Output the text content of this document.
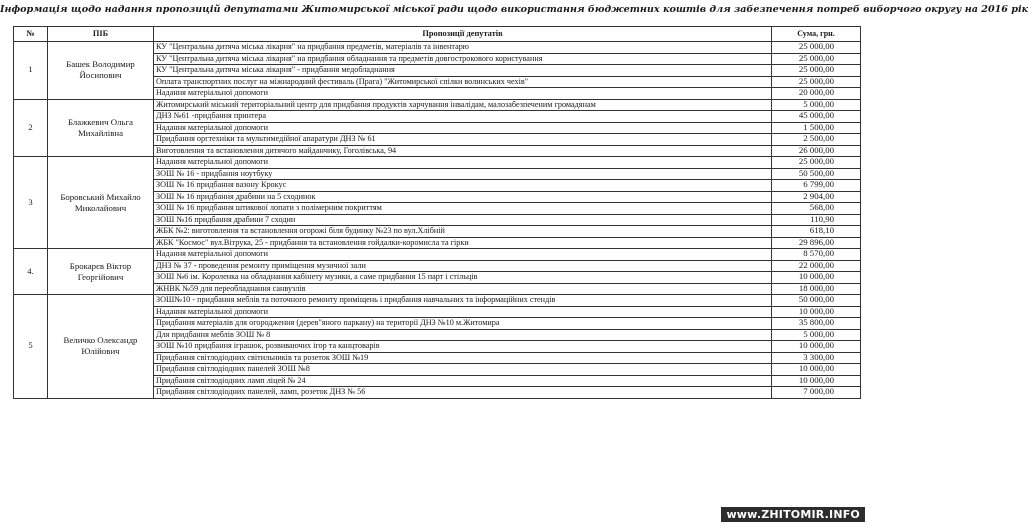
Інформація щодо надання пропозицій депутатами Житомирської міської ради щодо використання бюджетних коштів для забезпечення потреб виборчого округу на 2016 рік
№	ПІБ	Пропозиції депутатів	Сума, грн.
1	Башек Володимир Йосипович	КУ "Центральна дитяча міська лікарня" на придбання предметів, матеріалів та інвентарю	25 000,00
		КУ "Центральна дитяча міська лікарня" на придбання обладнання та предметів довгострокового користування	25 000,00
		КУ "Центральна дитяча міська лікарня" - придбання медобладнання	25 000,00
		Оплата транспортних послуг на міжнародний фестиваль (Прага) "Житомирської спілки волинських чехів"	25 000,00
		Надання матеріальної допомоги	20 000,00
2	Блажкевич Ольга Михайлівна	Житомирський міський територіальний центр для придбання продуктів харчування інвалідам, малозабезпеченим громадянам	5 000,00
		ДНЗ №61 -придбання принтера	45 000,00
		Надання матеріальної допомоги	1 500,00
		Придбання оргтехніки та мультимедійної апаратури ДНЗ № 61	2 500,00
		Виготовлення та встановлення дитячого майданчику, Гоголівська, 94	26 000,00
3	Боровський Михайло Миколайович	Надання матеріальної допомоги	25 000,00
		ЗОШ № 16 - придбання ноутбуку	50 500,00
		ЗОШ № 16 придбання вазону Крокус	6 799,00
		ЗОШ № 16 придбання драбини на 5 сходинок	2 904,00
		ЗОШ № 16 придбання штикової лопати з полімерним покриттям	568,00
		ЗОШ №16 придбання драбини 7 сходин	110,90
		ЖБК №2: виготовлення та встановлення огорожі біля будинку №23 по вул.Хлібній	618,10
		ЖБК "Космос" вул.Вітрука, 25 - придбання та встановлення гойдалки-коромисла та гірки	29 896,00
4.	Брокарєв Віктор Георгійович	Надання матеріальної допомоги	8 570,00
		ДНЗ № 37 - проведення ремонту приміщення музичної зали	22 000,00
		ЗОШ №6 ім. Короленка на обладнання кабінету музики, а саме придбання 15 парт і стільців	10 000,00
		ЖНВК №59 для переобладнання санвузлів	18 000,00
5	Величко Олександр Юлійович	ЗОШ№10 - придбання меблів та поточного ремонту приміщень і придбання навчальних та інформаційних стендів	50 000,00
		Надання матеріальної допомоги	10 000,00
		Придбання матеріалів для огородження (дерев"яного паркану) на території ДНЗ №10 м.Житомира	35 800,00
		Для придбання меблів ЗОШ № 8	5 000,00
		ЗОШ №10 придбання іграшок, розвиваючих ігор та канцтоварів	10 000,00
		Придбання світлодіодних світильників та розеток ЗОШ №19	3 300,00
		Придбання світлодіодних панелей ЗОШ №8	10 000,00
		Придбання світлодіодних ламп ліцей № 24	10 000,00
		Придбання світлодіодних панелей, ламп, розеток ДНЗ № 56	7 000,00
www.ZHITOMIR.INFO
